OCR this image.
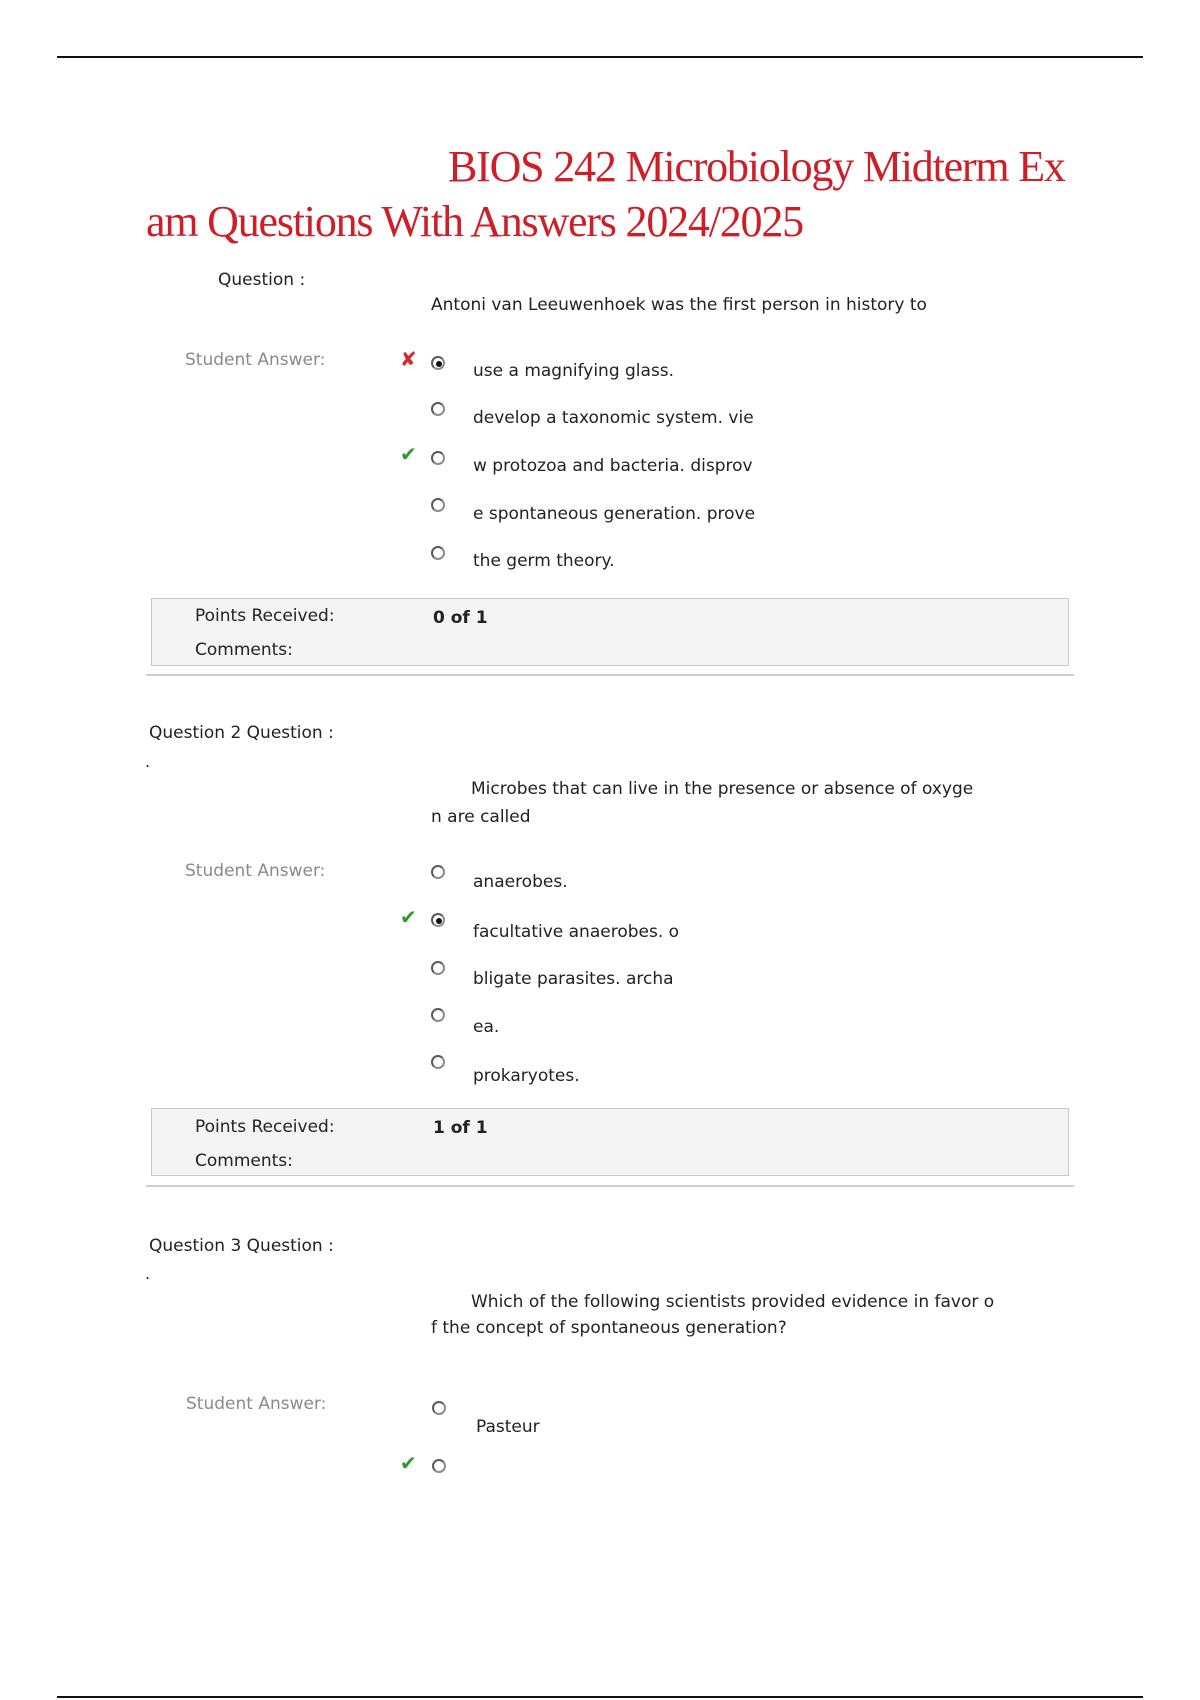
BIOS 242 Microbiology Midterm Ex
am Questions With Answers 2024/2025
Question :
Antoni van Leeuwenhoek was the first person in history to
Student Answer:	✘	use a magnifying glass.
develop a taxonomic system. vie
✔	w protozoa and bacteria. disprov
e spontaneous generation. prove
the germ theory.
Points Received:	0 of 1
Comments:
Question 2 Question :
.
Microbes that can live in the presence or absence of oxyge
n are called
Student Answer:
anaerobes.
✔
facultative anaerobes. o
bligate parasites. archa
ea.
prokaryotes.
Points Received:	1 of 1
Comments:
Question 3 Question :
.
Which of the following scientists provided evidence in favor o
f the concept of spontaneous generation?
Student Answer:
Pasteur
✔
